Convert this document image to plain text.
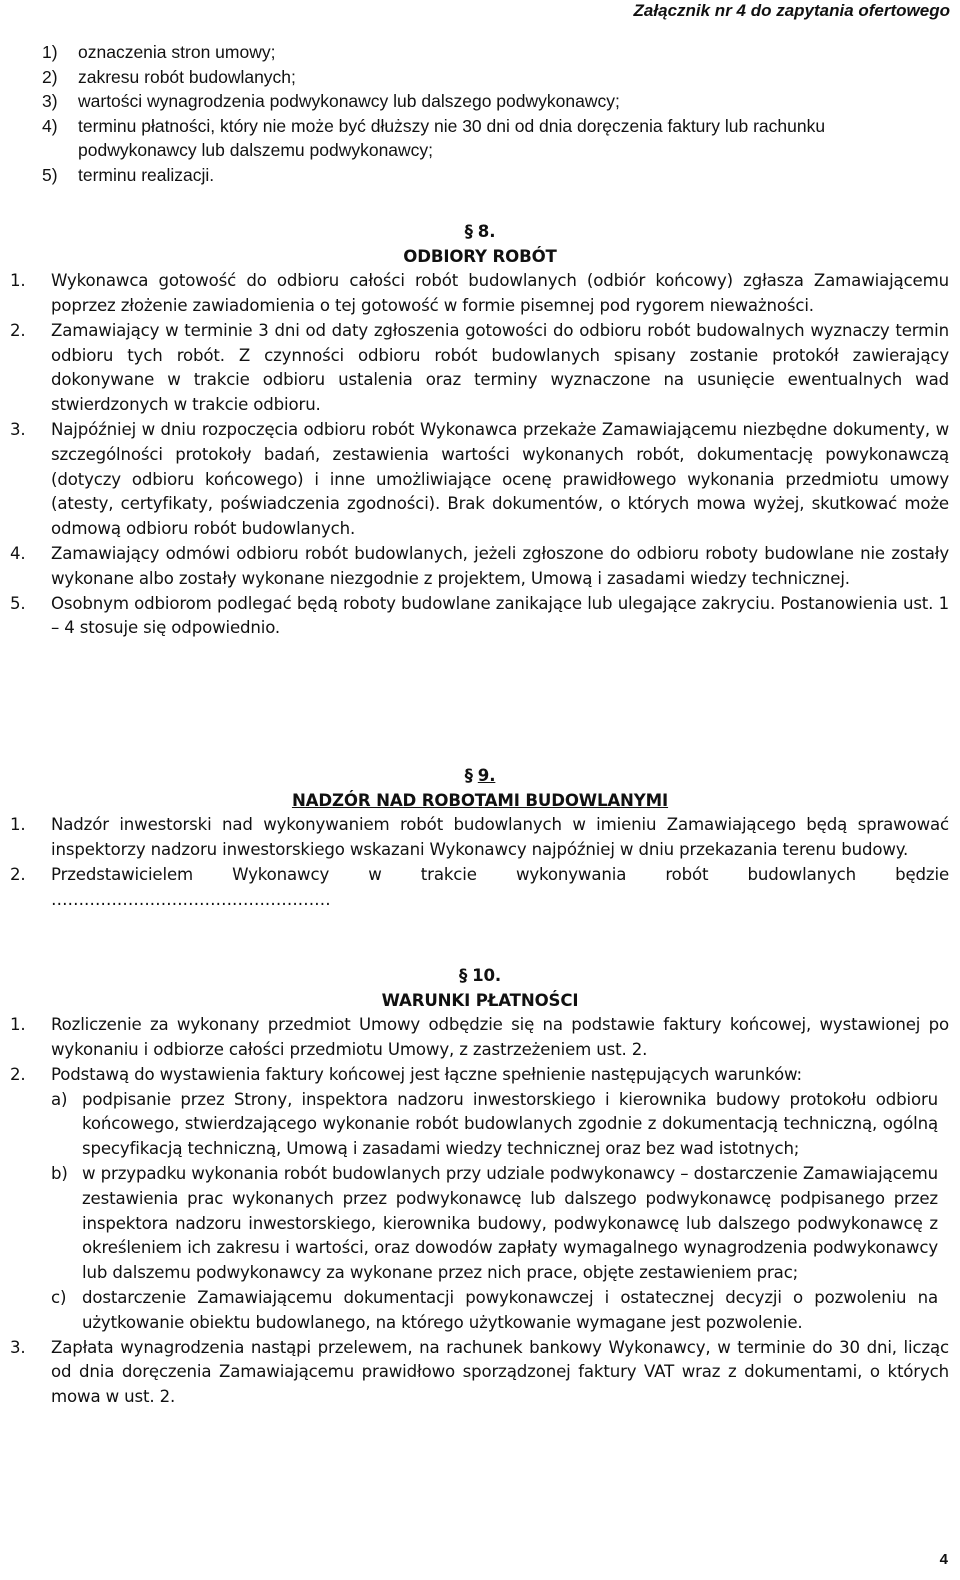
Załącznik nr 4 do zapytania ofertowego
1)	oznaczenia stron umowy;
2)	zakresu robót budowlanych;
3)	wartości wynagrodzenia podwykonawcy lub dalszego podwykonawcy;
4)	terminu płatności, który nie może być dłuższy nie 30 dni od dnia doręczenia faktury lub rachunku podwykonawcy lub dalszemu podwykonawcy;
5)	terminu realizacji.
§ 8.
ODBIORY ROBÓT
1.	Wykonawca gotowość do odbioru całości robót budowlanych (odbiór końcowy) zgłasza Zamawiającemu poprzez złożenie zawiadomienia o tej gotowość w formie pisemnej pod rygorem nieważności.
2.	Zamawiający w terminie 3 dni od daty zgłoszenia gotowości do odbioru robót budowalnych wyznaczy termin odbioru tych robót. Z czynności odbioru robót budowlanych spisany zostanie protokół zawierający dokonywane w trakcie odbioru ustalenia oraz terminy wyznaczone na usunięcie ewentualnych wad stwierdzonych w trakcie odbioru.
3.	Najpóźniej w dniu rozpoczęcia odbioru robót Wykonawca przekaże Zamawiającemu niezbędne dokumenty, w szczególności protokoły badań, zestawienia wartości wykonanych robót, dokumentację powykonawczą (dotyczy odbioru końcowego) i inne umożliwiające ocenę prawidłowego wykonania przedmiotu umowy (atesty, certyfikaty, poświadczenia zgodności). Brak dokumentów, o których mowa wyżej, skutkować może odmową odbioru robót budowlanych.
4.	Zamawiający odmówi odbioru robót budowlanych, jeżeli zgłoszone do odbioru roboty budowlane nie zostały wykonane albo zostały wykonane niezgodnie z projektem, Umową i zasadami wiedzy technicznej.
5.	Osobnym odbiorom podlegać będą roboty budowlane zanikające lub ulegające zakryciu. Postanowienia ust. 1 – 4 stosuje się odpowiednio.
§ 9.
NADZÓR NAD ROBOTAMI BUDOWLANYMI
1.	Nadzór inwestorski nad wykonywaniem robót budowlanych w imieniu Zamawiającego będą sprawować inspektorzy nadzoru inwestorskiego wskazani Wykonawcy najpóźniej w dniu przekazania terenu budowy.
2.	Przedstawicielem Wykonawcy w trakcie wykonywania robót budowlanych będzie ……………………………………………
§ 10.
WARUNKI PŁATNOŚCI
1.	Rozliczenie za wykonany przedmiot Umowy odbędzie się na podstawie faktury końcowej, wystawionej po wykonaniu i odbiorze całości przedmiotu Umowy, z zastrzeżeniem ust. 2.
2.	Podstawą do wystawienia faktury końcowej jest łączne spełnienie następujących warunków:
a) podpisanie przez Strony, inspektora nadzoru inwestorskiego i kierownika budowy protokołu odbioru końcowego, stwierdzającego wykonanie robót budowlanych zgodnie z dokumentacją techniczną, ogólną specyfikacją techniczną, Umową i zasadami wiedzy technicznej oraz bez wad istotnych;
b) w przypadku wykonania robót budowlanych przy udziale podwykonawcy – dostarczenie Zamawiającemu zestawienia prac wykonanych przez podwykonawcę lub dalszego podwykonawcę podpisanego przez inspektora nadzoru inwestorskiego, kierownika budowy, podwykonawcę lub dalszego podwykonawcę z określeniem ich zakresu i wartości, oraz dowodów zapłaty wymagalnego wynagrodzenia podwykonawcy lub dalszemu podwykonawcy za wykonane przez nich prace, objęte zestawieniem prac;
c) dostarczenie Zamawiającemu dokumentacji powykonawczej i ostatecznej decyzji o pozwoleniu na użytkowanie obiektu budowlanego, na którego użytkowanie wymagane jest pozwolenie.
3.	Zapłata wynagrodzenia nastąpi przelewem, na rachunek bankowy Wykonawcy, w terminie do 30 dni, licząc od dnia doręczenia Zamawiającemu prawidłowo sporządzonej faktury VAT wraz z dokumentami, o których mowa w ust. 2.
4
